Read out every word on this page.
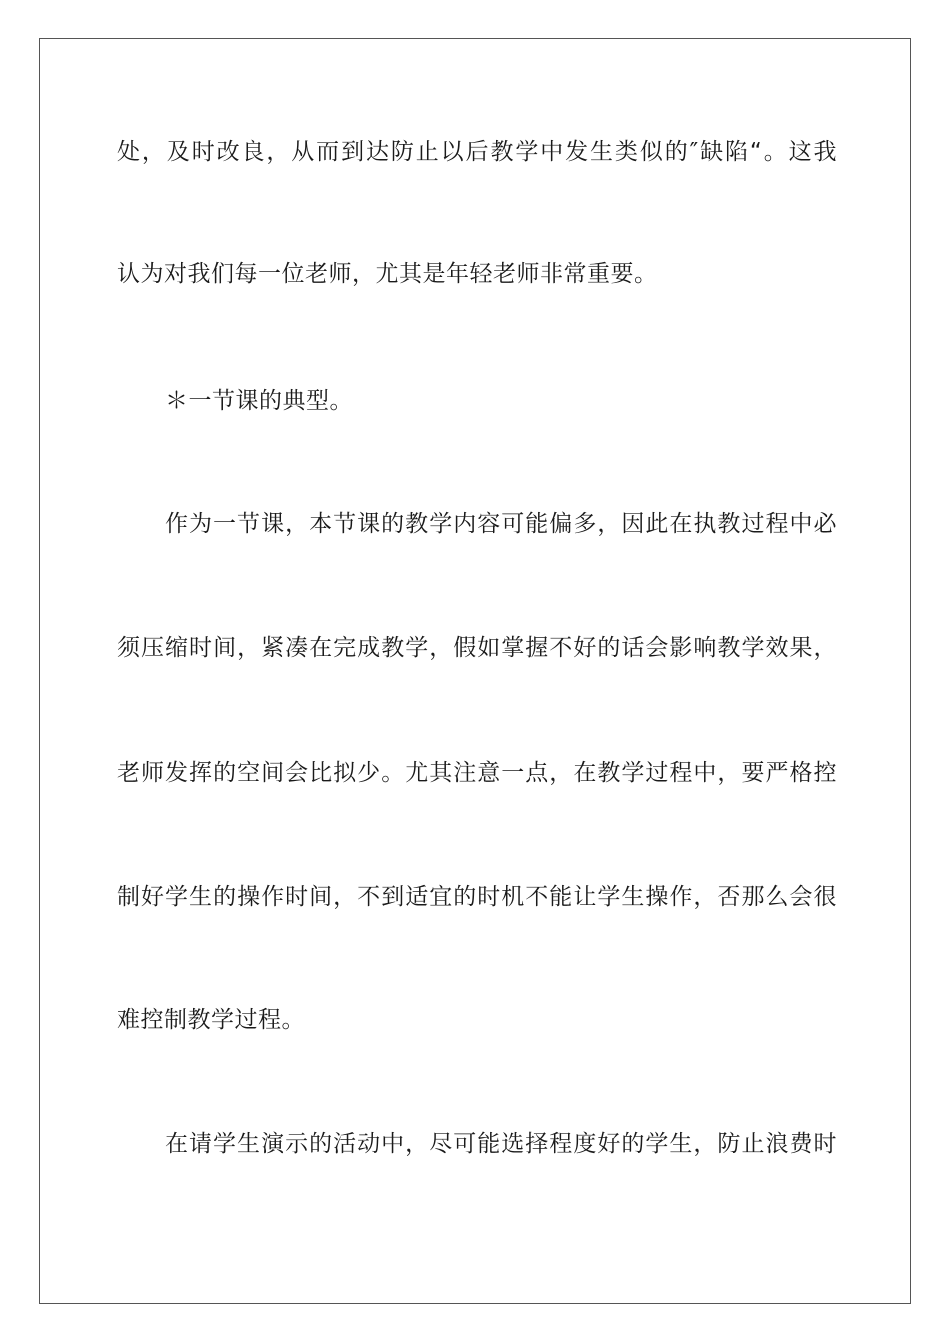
处，及时改良，从而到达防止以后教学中发生类似的″缺陷“。这我
认为对我们每一位老师，尤其是年轻老师非常重要。
＊一节课的典型。
作为一节课，本节课的教学内容可能偏多，因此在执教过程中必
须压缩时间，紧凑在完成教学，假如掌握不好的话会影响教学效果，
老师发挥的空间会比拟少。尤其注意一点，在教学过程中，要严格控
制好学生的操作时间，不到适宜的时机不能让学生操作，否那么会很
难控制教学过程。
在请学生演示的活动中，尽可能选择程度好的学生，防止浪费时
